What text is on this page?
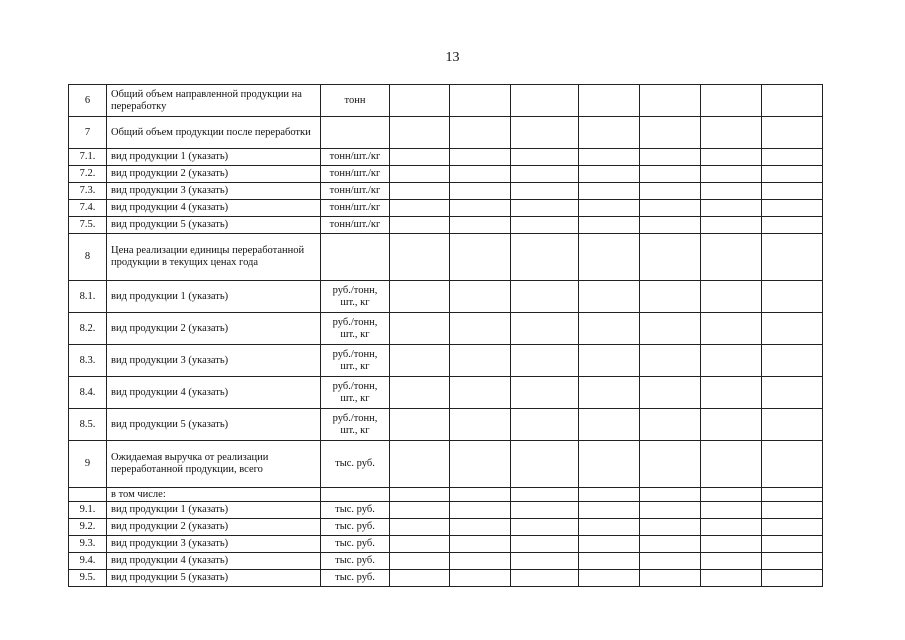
13
6	Общий объем направленной продукции на переработку	тонн							
7	Общий объем продукции после переработки								
7.1.	вид продукции 1 (указать)	тонн/шт./кг							
7.2.	вид продукции 2 (указать)	тонн/шт./кг							
7.3.	вид продукции 3 (указать)	тонн/шт./кг							
7.4.	вид продукции 4 (указать)	тонн/шт./кг							
7.5.	вид продукции 5 (указать)	тонн/шт./кг							
8	Цена реализации единицы переработанной продукции в текущих ценах года								
8.1.	вид продукции 1 (указать)	руб./тонн, шт., кг							
8.2.	вид продукции 2 (указать)	руб./тонн, шт., кг							
8.3.	вид продукции 3 (указать)	руб./тонн, шт., кг							
8.4.	вид продукции 4 (указать)	руб./тонн, шт., кг							
8.5.	вид продукции 5 (указать)	руб./тонн, шт., кг							
9	Ожидаемая выручка от реализации переработанной продукции, всего	тыс. руб.							
	в том числе:								
9.1.	вид продукции 1 (указать)	тыс. руб.							
9.2.	вид продукции 2 (указать)	тыс. руб.							
9.3.	вид продукции 3 (указать)	тыс. руб.							
9.4.	вид продукции 4 (указать)	тыс. руб.							
9.5.	вид продукции 5 (указать)	тыс. руб.							
